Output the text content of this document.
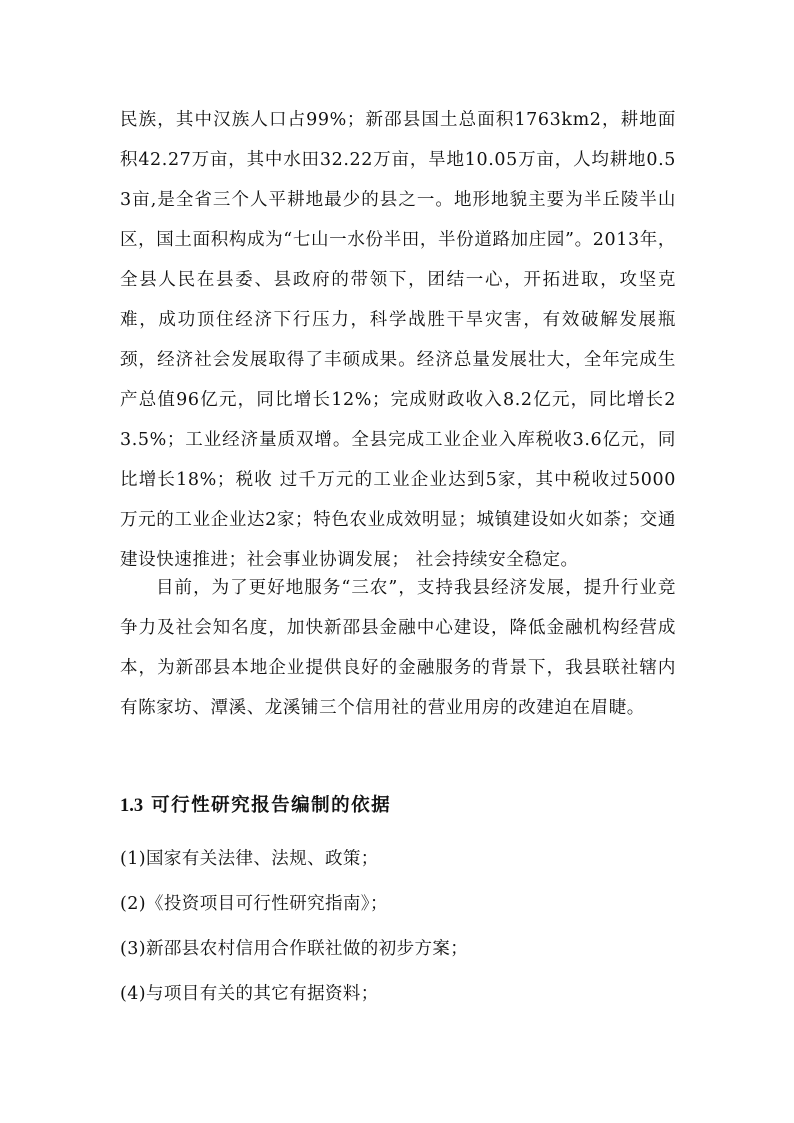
民族，其中汉族人口占99%；新邵县国土总面积1763km2，耕地面积42.27万亩，其中水田32.22万亩，旱地10.05万亩，人均耕地0.53亩,是全省三个人平耕地最少的县之一。地形地貌主要为半丘陵半山区，国土面积构成为“七山一水份半田，半份道路加庄园”。2013年，全县人民在县委、县政府的带领下，团结一心，开拓进取，攻坚克难，成功顶住经济下行压力，科学战胜干旱灾害，有效破解发展瓶颈，经济社会发展取得了丰硕成果。经济总量发展壮大，全年完成生产总值96亿元，同比增长12%；完成财政收入8.2亿元，同比增长23.5%；工业经济量质双增。全县完成工业企业入库税收3.6亿元，同比增长18%；税收 过千万元的工业企业达到5家，其中税收过5000万元的工业企业达2家；特色农业成效明显；城镇建设如火如荼；交通建设快速推进；社会事业协调发展； 社会持续安全稳定。

目前，为了更好地服务“三农”，支持我县经济发展，提升行业竞争力及社会知名度，加快新邵县金融中心建设，降低金融机构经营成本，为新邵县本地企业提供良好的金融服务的背景下，我县联社辖内有陈家坊、潭溪、龙溪铺三个信用社的营业用房的改建迫在眉睫。

1.3 可行性研究报告编制的依据
(1)国家有关法律、法规、政策；
(2)《投资项目可行性研究指南》；
(3)新邵县农村信用合作联社做的初步方案；
(4)与项目有关的其它有据资料；
